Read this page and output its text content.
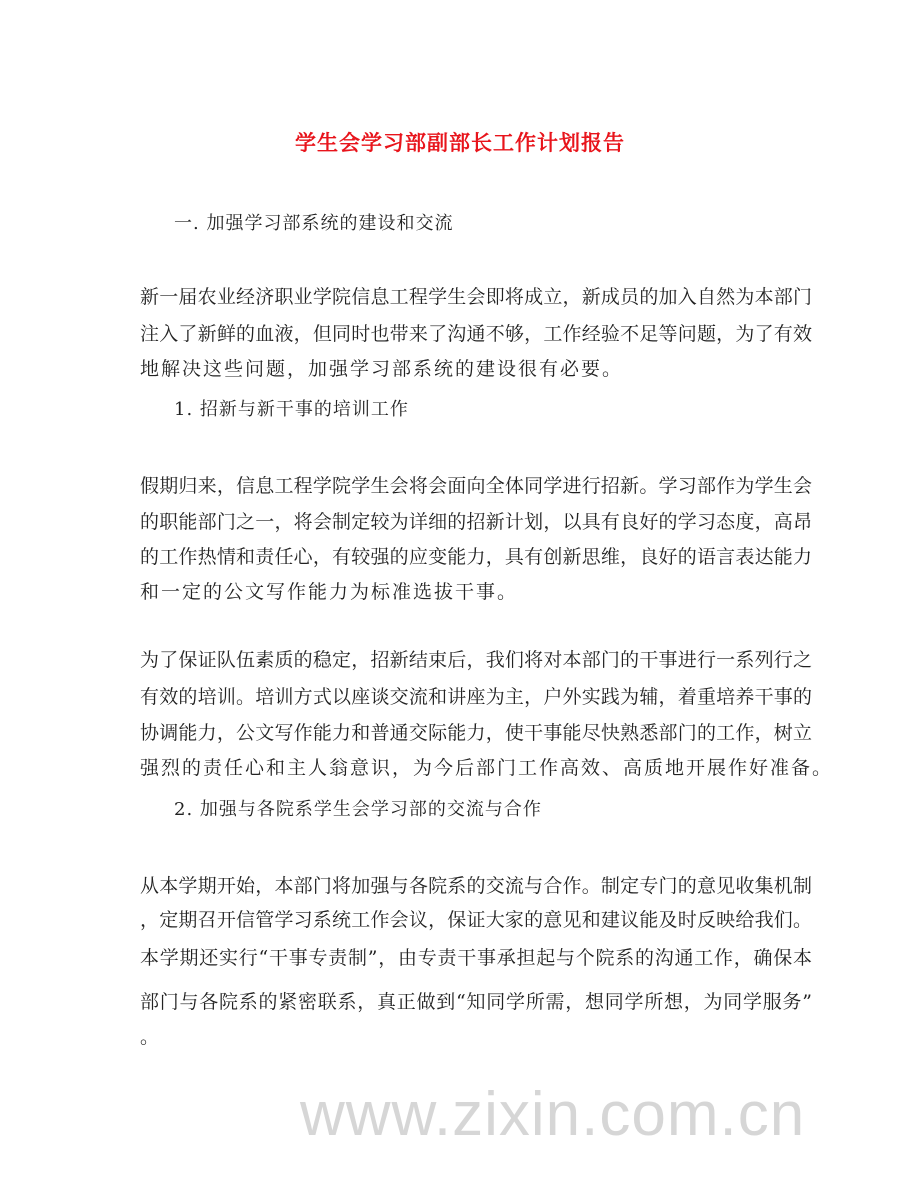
学生会学习部副部长工作计划报告
一. 加强学习部系统的建设和交流
新一届农业经济职业学院信息工程学生会即将成立，新成员的加入自然为本部门
注入了新鲜的血液，但同时也带来了沟通不够，工作经验不足等问题，为了有效
地解决这些问题，加强学习部系统的建设很有必要。
1. 招新与新干事的培训工作
假期归来，信息工程学院学生会将会面向全体同学进行招新。学习部作为学生会
的职能部门之一，将会制定较为详细的招新计划，以具有良好的学习态度，高昂
的工作热情和责任心，有较强的应变能力，具有创新思维，良好的语言表达能力
和一定的公文写作能力为标准选拔干事。
为了保证队伍素质的稳定，招新结束后，我们将对本部门的干事进行一系列行之
有效的培训。培训方式以座谈交流和讲座为主，户外实践为辅，着重培养干事的
协调能力，公文写作能力和普通交际能力，使干事能尽快熟悉部门的工作，树立
强烈的责任心和主人翁意识，为今后部门工作高效、高质地开展作好准备。
2. 加强与各院系学生会学习部的交流与合作
从本学期开始，本部门将加强与各院系的交流与合作。制定专门的意见收集机制
，定期召开信管学习系统工作会议，保证大家的意见和建议能及时反映给我们。
本学期还实行“干事专责制”，由专责干事承担起与个院系的沟通工作，确保本
部门与各院系的紧密联系，真正做到“知同学所需，想同学所想，为同学服务”
。
www.zixin.com.cn
